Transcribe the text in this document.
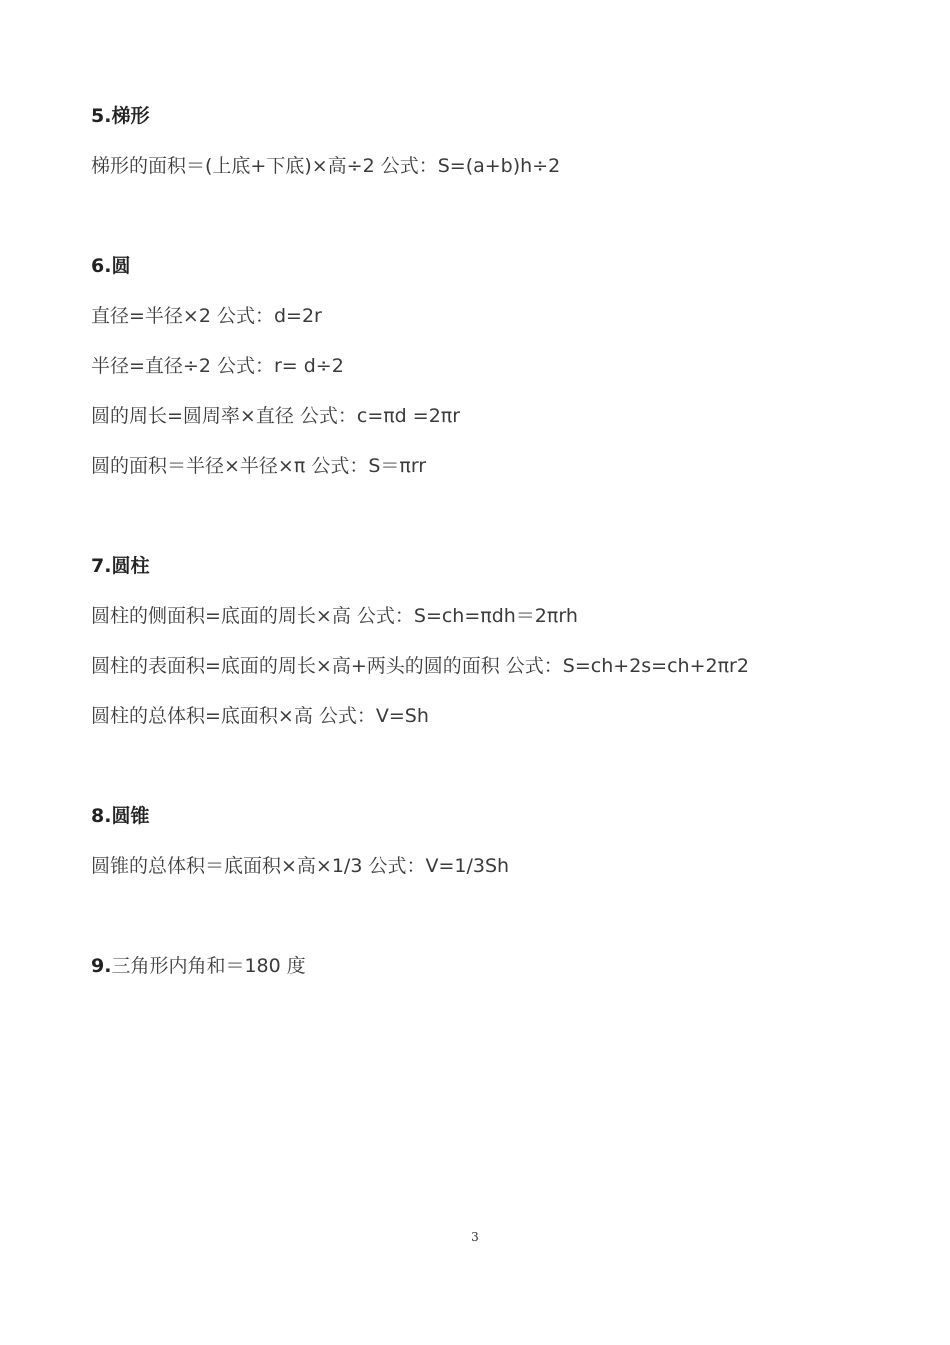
5.梯形
梯形的面积＝(上底+下底)×高÷2 公式：S=(a+b)h÷2
6.圆
直径=半径×2 公式：d=2r
半径=直径÷2 公式：r= d÷2
圆的周长=圆周率×直径 公式：c=πd =2πr
圆的面积＝半径×半径×π 公式：S＝πrr
7.圆柱
圆柱的侧面积=底面的周长×高 公式：S=ch=πdh＝2πrh
圆柱的表面积=底面的周长×高+两头的圆的面积 公式：S=ch+2s=ch+2πr2
圆柱的总体积=底面积×高 公式：V=Sh
8.圆锥
圆锥的总体积＝底面积×高×1/3 公式：V=1/3Sh
9.三角形内角和＝180 度
3
